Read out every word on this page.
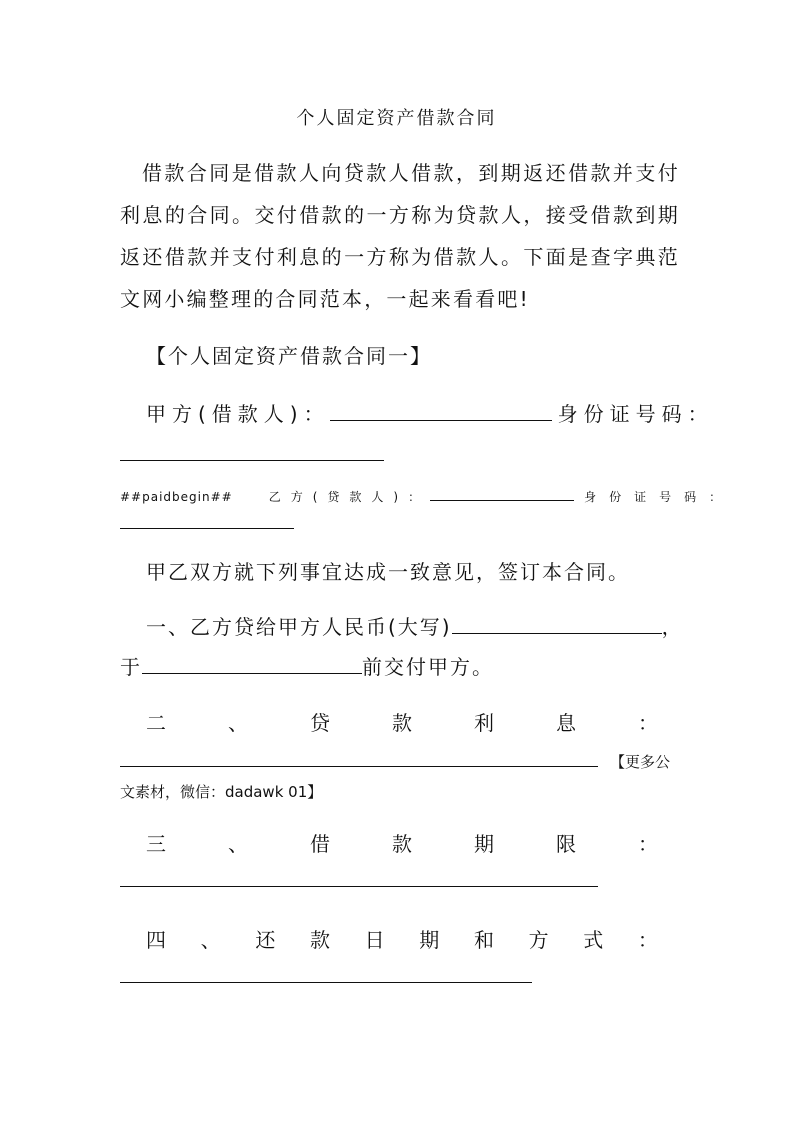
个人固定资产借款合同
借款合同是借款人向贷款人借款，到期返还借款并支付利息的合同。交付借款的一方称为贷款人，接受借款到期返还借款并支付利息的一方称为借款人。下面是查字典范文网小编整理的合同范本，一起来看看吧!
【个人固定资产借款合同一】
甲方(借款人)：	身份证号码：
##paidbegin##	乙方(贷款人)：	身份证号码：
甲乙双方就下列事宜达成一致意见，签订本合同。
一、乙方贷给甲方人民币(大写)	，
于	前交付甲方。
二	、	贷	款	利	息	：
【更多公
文素材，微信：dadawk 01】
三	、	借	款	期	限	：
四 、 还 款 日 期 和 方 式 ：
